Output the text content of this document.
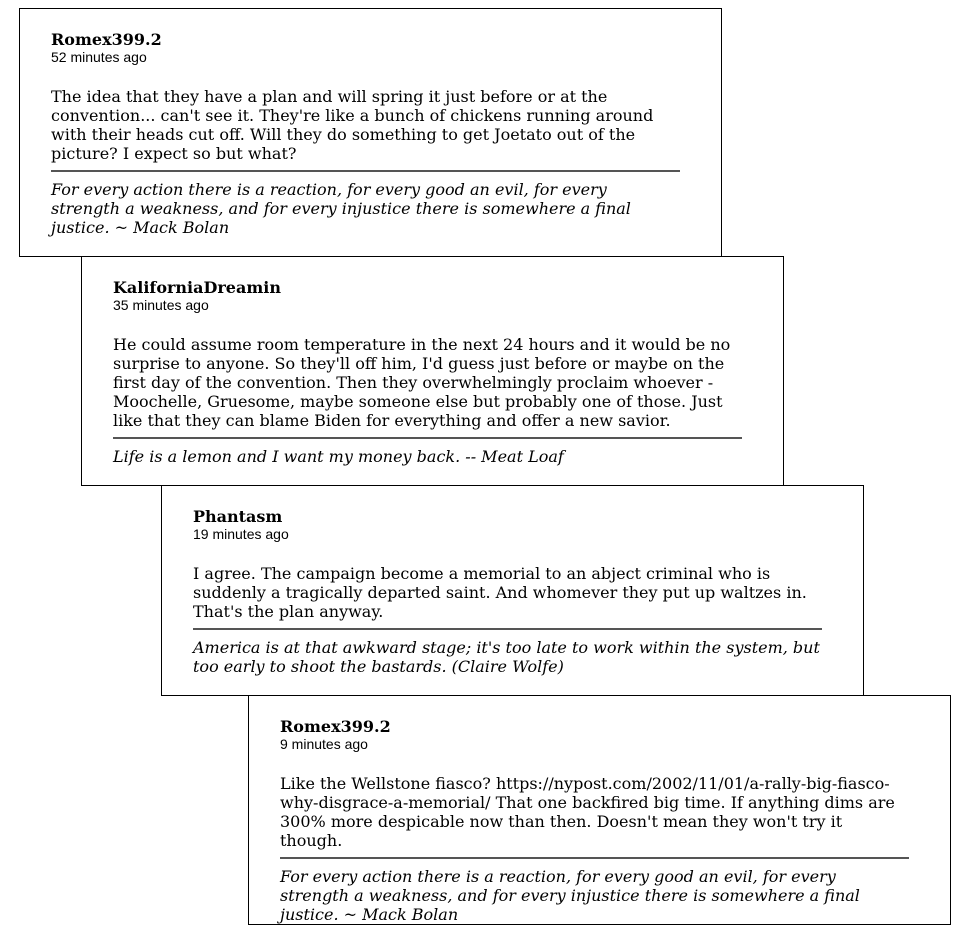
Romex399.2
52 minutes ago
The idea that they have a plan and will spring it just before or at the convention... can't see it. They're like a bunch of chickens running around with their heads cut off. Will they do something to get Joetato out of the picture? I expect so but what?
For every action there is a reaction, for every good an evil, for every strength a weakness, and for every injustice there is somewhere a final justice. ~ Mack Bolan
KaliforniaDreamin
35 minutes ago
He could assume room temperature in the next 24 hours and it would be no surprise to anyone. So they'll off him, I'd guess just before or maybe on the first day of the convention. Then they overwhelmingly proclaim whoever - Moochelle, Gruesome, maybe someone else but probably one of those. Just like that they can blame Biden for everything and offer a new savior.
Life is a lemon and I want my money back. -- Meat Loaf
Phantasm
19 minutes ago
I agree. The campaign become a memorial to an abject criminal who is suddenly a tragically departed saint. And whomever they put up waltzes in. That's the plan anyway.
America is at that awkward stage; it's too late to work within the system, but too early to shoot the bastards. (Claire Wolfe)
Romex399.2
9 minutes ago
Like the Wellstone fiasco? https://nypost.com/2002/11/01/a-rally-big-fiasco-why-disgrace-a-memorial/ That one backfired big time. If anything dims are 300% more despicable now than then. Doesn't mean they won't try it though.
For every action there is a reaction, for every good an evil, for every strength a weakness, and for every injustice there is somewhere a final justice. ~ Mack Bolan
